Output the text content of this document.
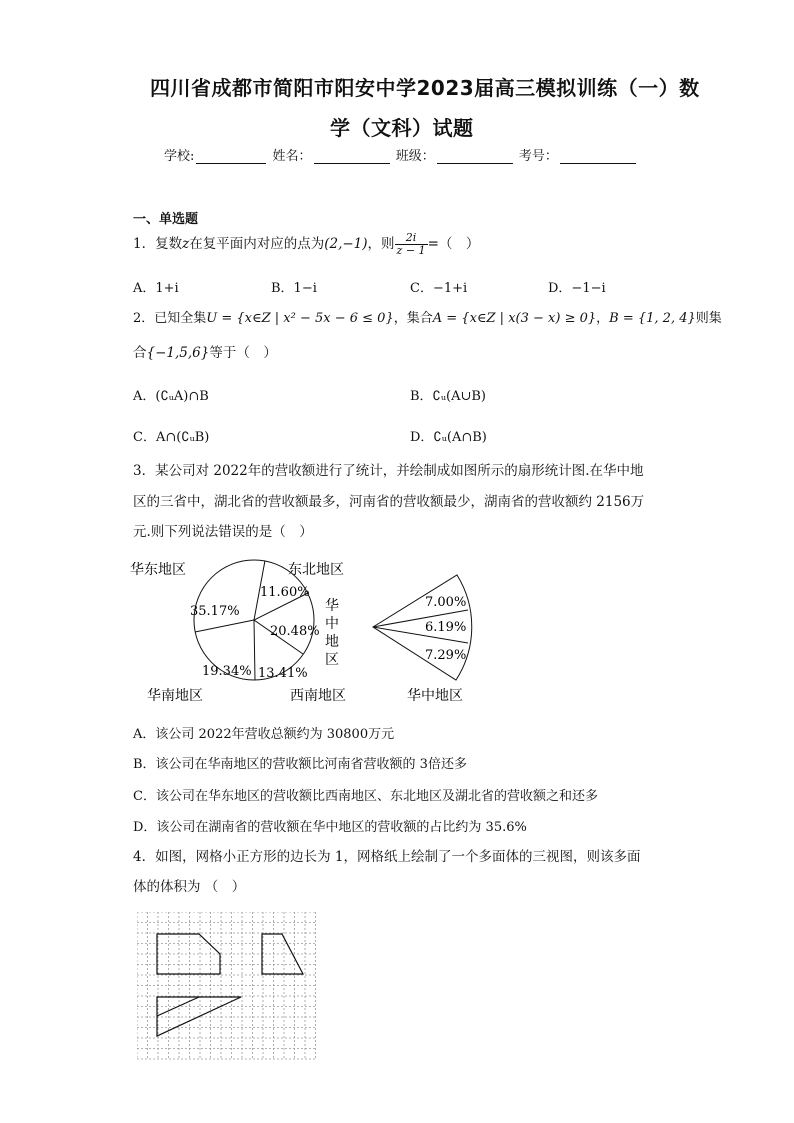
四川省成都市简阳市阳安中学2023届高三模拟训练（一）数
学（文科）试题
学校:	姓名：	班级：	考号：
一、单选题
1．复数z在复平面内对应的点为(2,−1)，则 $\frac{2i}{z - 1}$ =（　）
A．1+i	B．1−i	C．−1+i	D．−1−i
2．已知全集U = {x∈Z | x² − 5x − 6 ≤ 0}，集合A = {x∈Z | x(3 − x) ≥ 0}，B = {1, 2, 4}则集
合{−1,5,6}等于（　）
A．(∁ᵤA)∩B	B．∁ᵤ(A∪B)
C．A∩(∁ᵤB)	D．∁ᵤ(A∩B)
3．某公司对 2022年的营收额进行了统计，并绘制成如图所示的扇形统计图.在华中地
区的三省中，湖北省的营收额最多，河南省的营收额最少，湖南省的营收额约 2156万
元.则下列说法错误的是（　）
华东地区	东北地区
华
中
地
区
华南地区	西南地区
35.17%
11.60%
20.48%
13.41%
19.34%
7.00%
6.19%
7.29%
华中地区
A．该公司 2022年营收总额约为 30800万元
B．该公司在华南地区的营收额比河南省营收额的 3倍还多
C．该公司在华东地区的营收额比西南地区、东北地区及湖北省的营收额之和还多
D．该公司在湖南省的营收额在华中地区的营收额的占比约为 35.6%
4．如图，网格小正方形的边长为 1，网格纸上绘制了一个多面体的三视图，则该多面
体的体积为 （　）
